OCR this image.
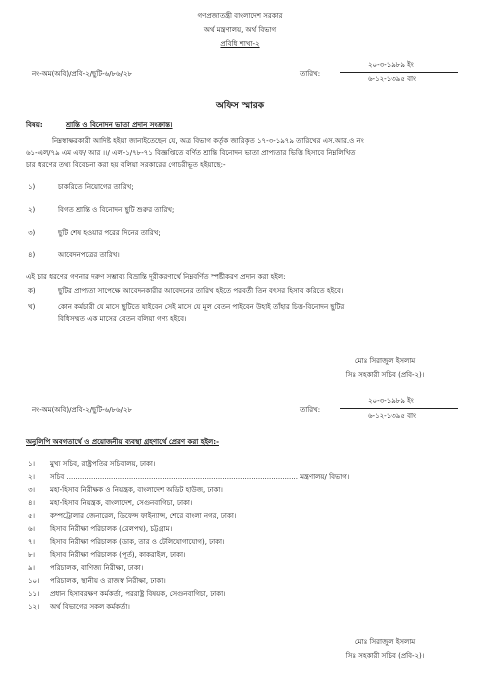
গণপ্রজাতন্ত্রী বাংলাদেশ সরকার
অর্থ মন্ত্রণালয়, অর্থ বিভাগ
প্রবিধি শাখা-২
নং-অম(অবি)/প্রবি-২/ছুটি-৬/৮৬/২৮	তারিখ:
২০-৩-১৯৮৯ ইং
৬-১২-১৩৯৫ বাং
অফিস স্মারক
বিষয়:	শ্রান্তি ও বিনোদন ভাতা প্রদান সংক্রান্ত।
নিম্নস্বাক্ষরকারী আদিষ্ট হইয়া জানাইতেছেন যে, অত্র বিভাগ কর্তৃক জারিকৃত ১৭-৩-১৯৭৯ তারিখের এস.আর.ও নং
৬১-এল/৭৯ এম এফ/ আর ।।/ এল-১/৭৮-৭১ বিজ্ঞপ্তিতে বর্ণিত শ্রান্তি বিনোদন ভাতা প্রাপ্যতার ভিত্তি হিসাবে নিম্নলিখিত
চার ধরণের তথ্য বিবেচনা করা হয় বলিয়া সরকারের গোচরীভূত হইয়াছে:-
১)	চাকরিতে নিয়োগের তারিখ;
২)	বিগত শ্রান্তি ও বিনোদন ছুটি শুরুর তারিখ;
৩)	ছুটি শেষ হওয়ার পরের দিনের তারিখ;
৪)	আবেদনপত্রের তারিখ।
এই চার ধরণের গণনার দরুণ সম্ভাব্য বিভ্রান্তি দূরীকরণার্থে নিম্নবর্ণিত স্পষ্টীকরণ প্রদান করা হইল:
ক)	ছুটির প্রাপ্যতা সাপেক্ষে আবেদনকারীর আবেদনের তারিখ হইতে পরবর্তী তিন বৎসর হিসাব করিতে হইবে।
খ)	কোন কর্মচারী যে মাসে ছুটিতে যাইবেন সেই মাসে যে মূল বেতন পাইবেন উহাই তাঁহার চিত্ত-বিনোদন ছুটির
বিধিসম্মত এক মাসের বেতন বলিয়া গণ্য হইবে।
মোঃ সিরাজুল ইসলাম
সিঃ সহকারী সচিব (প্রবি-২)।
নং-অম(অবি)/প্রবি-২/ছুটি-৬/৮৬/২৮	তারিখ:
২০-৩-১৯৮৯ ইং
৬-১২-১৩৯৫ বাং
অনুলিপি অবগতার্থে ও প্রয়োজনীয় ব্যবস্থা গ্রহণার্থে প্রেরণ করা হইল:-
১।	মুখ্য সচিব, রাষ্ট্রপতির সচিবালয়, ঢাকা।
২।	সচিব ........................................................................................................ মন্ত্রণালয়/ বিভাগ।
৩।	মহা-হিসাব নিরীক্ষক ও নিয়ন্ত্রক, বাংলাদেশ অডিট হাউজ, ঢাকা।
৪।	মহা-হিসাব নিয়ন্ত্রক, বাংলাদেশ, সেগুনবাগিচা, ঢাকা।
৫।	কম্পট্রোলার জেনারেল, ডিফেন্স ফাইন্যান্স, শেরে বাংলা নগর, ঢাকা।
৬।	হিসাব নিরীক্ষা পরিচালক (রেলপথ), চট্টগ্রাম।
৭।	হিসাব নিরীক্ষা পরিচালক (ডাক, তার ও টেলিযোগাযোগ), ঢাকা।
৮।	হিসাব নিরীক্ষা পরিচালক (পূর্ত), কাকরাইল, ঢাকা।
৯।	পরিচালক, বাণিজ্য নিরীক্ষা, ঢাকা।
১০।	পরিচালক, স্থানীয় ও রাজস্ব নিরীক্ষা, ঢাকা।
১১।	প্রধান হিসাবরক্ষণ কর্মকর্তা, পররাষ্ট্র বিষয়ক, সেগুনবাগিচা, ঢাকা।
১২।	অর্থ বিভাগের সকল কর্মকর্তা।
মোঃ সিরাজুল ইসলাম
সিঃ সহকারী সচিব (প্রবি-২)।
